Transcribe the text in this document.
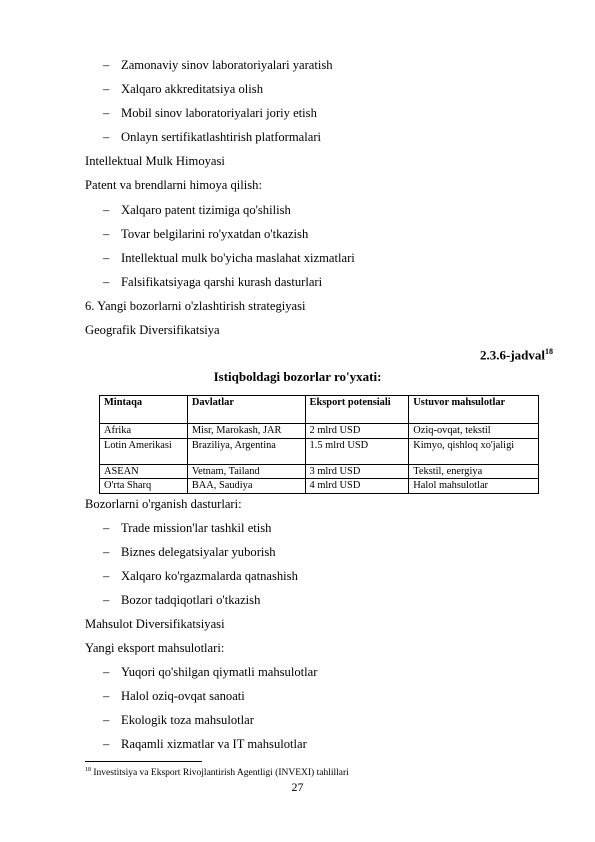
– Zamonaviy sinov laboratoriyalari yaratish
– Xalqaro akkreditatsiya olish
– Mobil sinov laboratoriyalari joriy etish
– Onlayn sertifikatlashtirish platformalari
Intellektual Mulk Himoyasi
Patent va brendlarni himoya qilish:
– Xalqaro patent tizimiga qo'shilish
– Tovar belgilarini ro'yxatdan o'tkazish
– Intellektual mulk bo'yicha maslahat xizmatlari
– Falsifikatsiyaga qarshi kurash dasturlari
6. Yangi bozorlarni o'zlashtirish strategiyasi
Geografik Diversifikatsiya
2.3.6-jadval$^{18}$
Istiqboldagi bozorlar ro'yxati:
Mintaqa	Davlatlar	Eksport potensiali	Ustuvor mahsulotlar
Afrika	Misr, Marokash, JAR	2 mlrd USD	Oziq-ovqat, tekstil
Lotin Amerikasi	Braziliya, Argentina	1.5 mlrd USD	Kimyo, qishloq xo'jaligi
ASEAN	Vetnam, Tailand	3 mlrd USD	Tekstil, energiya
O'rta Sharq	BAA, Saudiya	4 mlrd USD	Halol mahsulotlar
Bozorlarni o'rganish dasturlari:
– Trade mission'lar tashkil etish
– Biznes delegatsiyalar yuborish
– Xalqaro ko'rgazmalarda qatnashish
– Bozor tadqiqotlari o'tkazish
Mahsulot Diversifikatsiyasi
Yangi eksport mahsulotlari:
– Yuqori qo'shilgan qiymatli mahsulotlar
– Halol oziq-ovqat sanoati
– Ekologik toza mahsulotlar
– Raqamli xizmatlar va IT mahsulotlar
$^{18}$ Investitsiya va Eksport Rivojlantirish Agentligi (INVEXI) tahlillari
27
